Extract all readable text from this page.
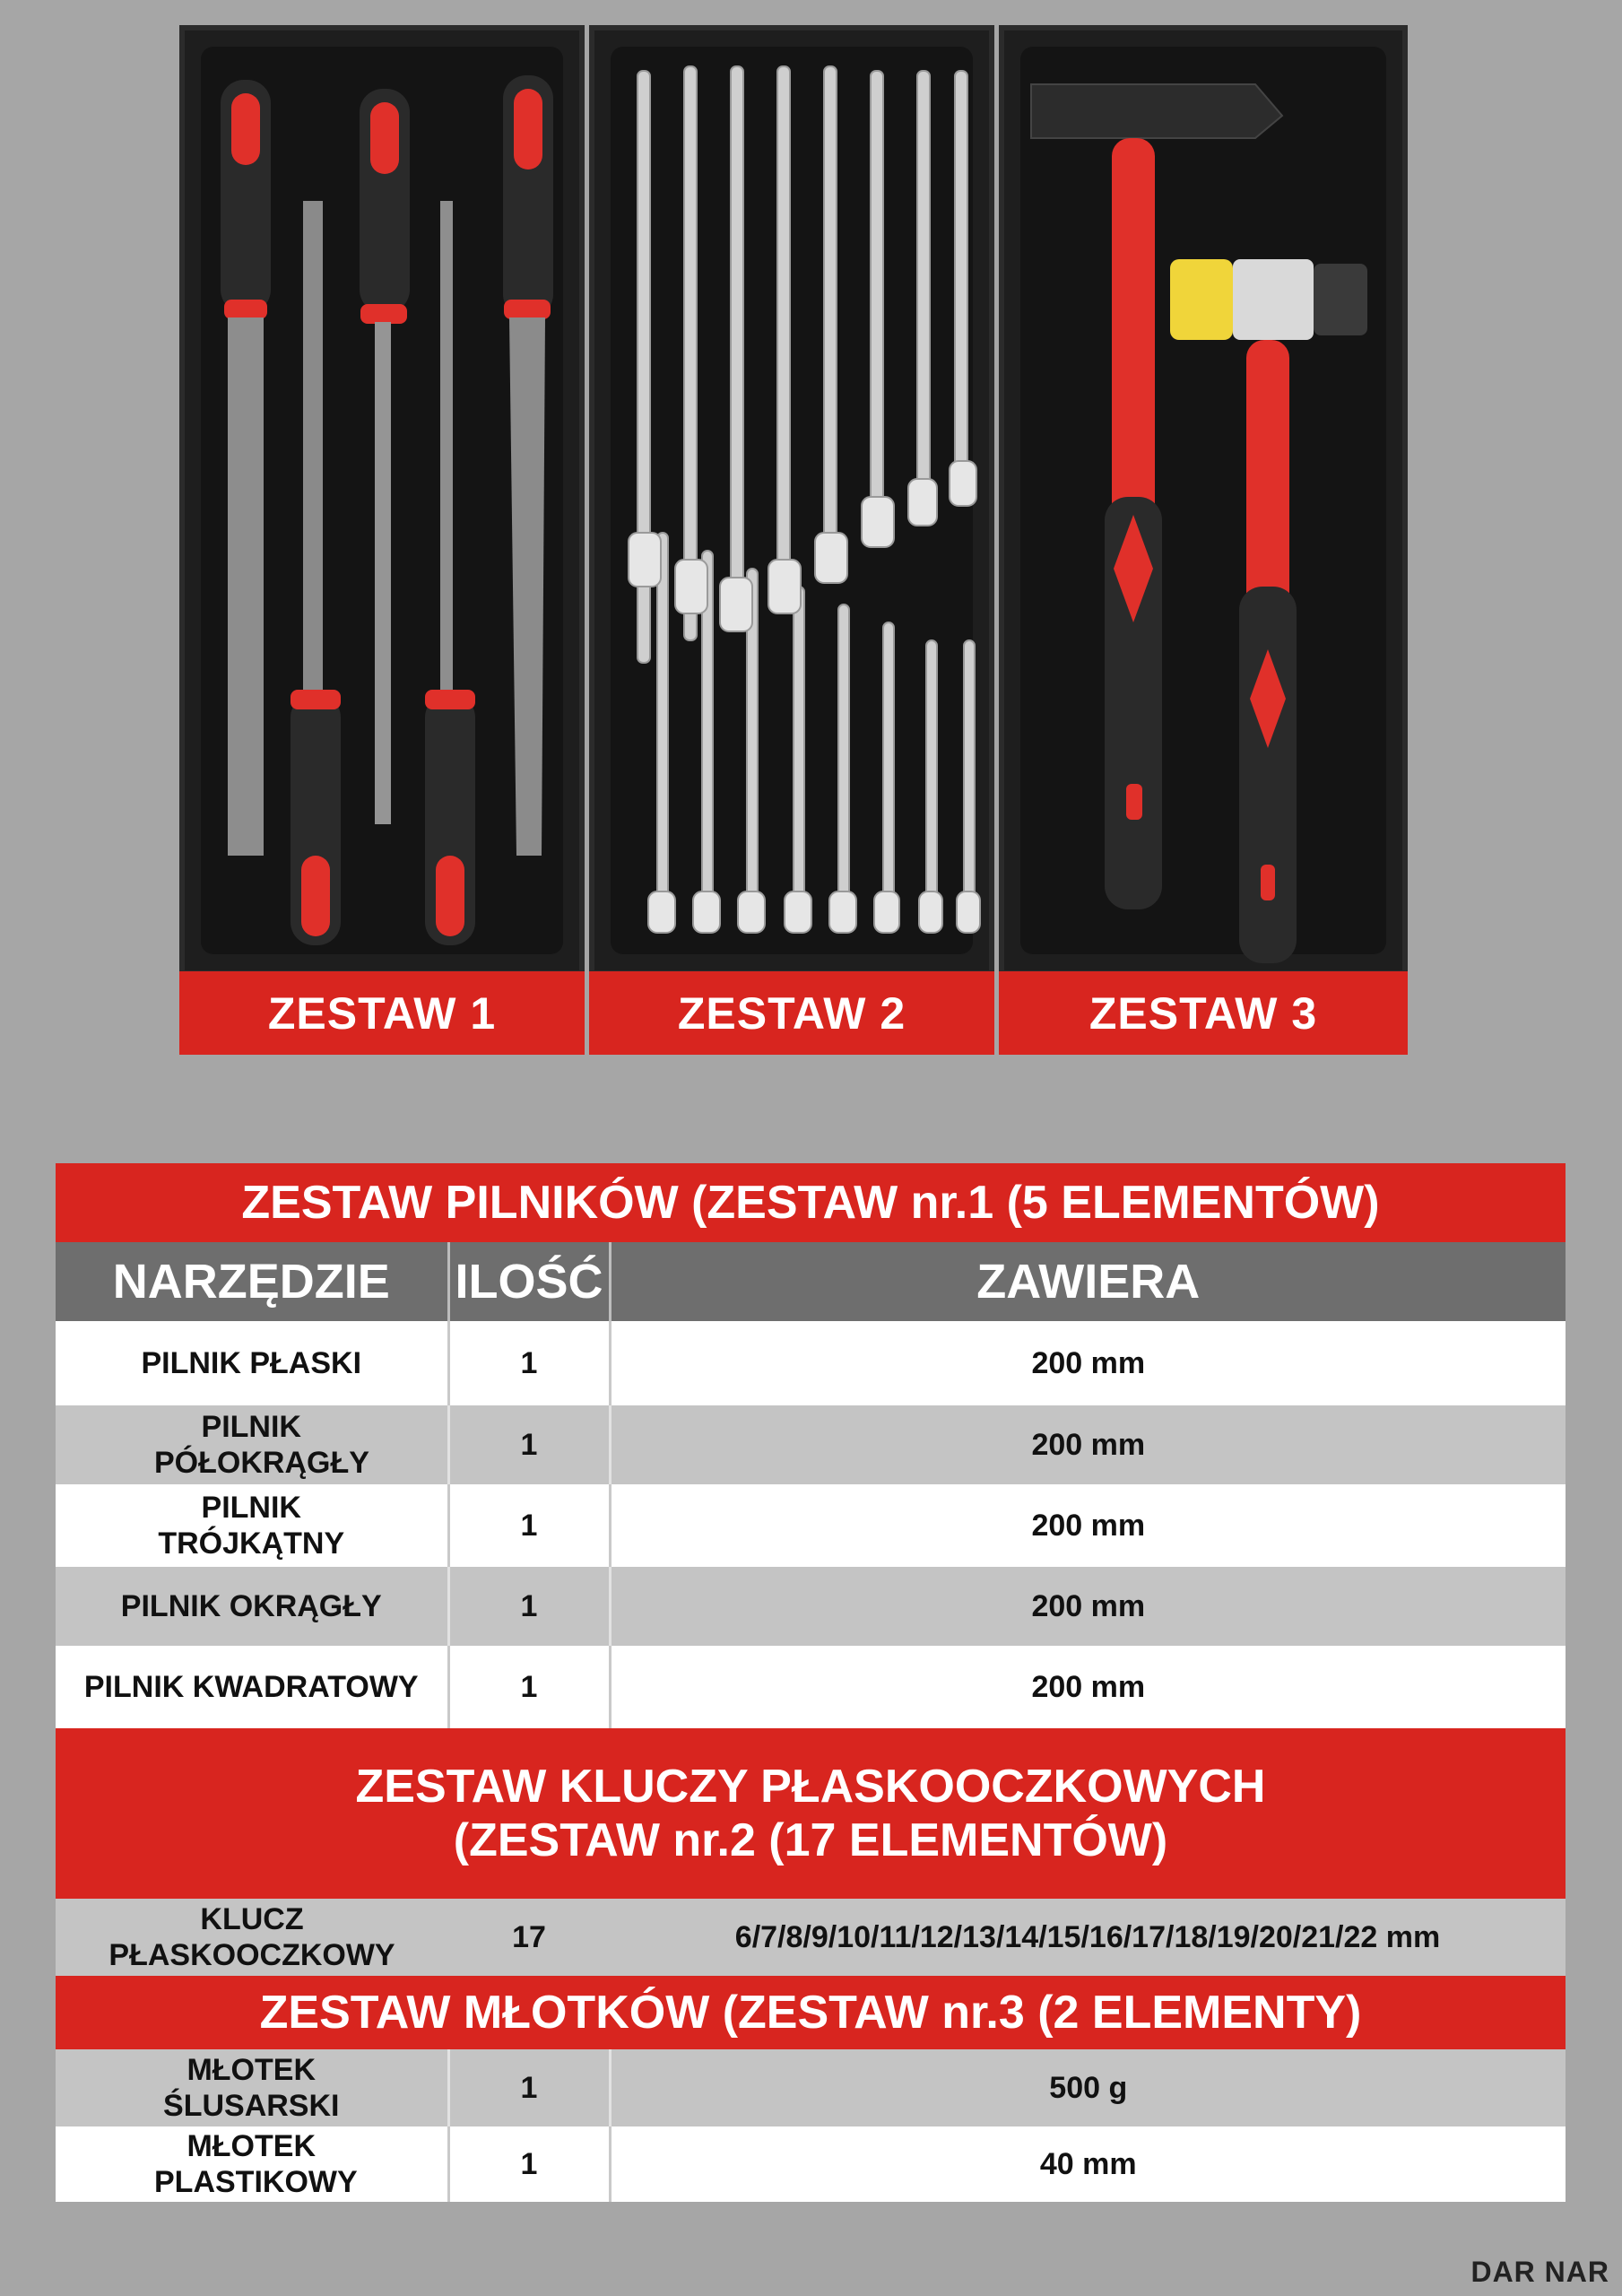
ZESTAW 1	ZESTAW 2	ZESTAW 3
ZESTAW PILNIKÓW (ZESTAW nr.1 (5 ELEMENTÓW)		
NARZĘDZIE	ILOŚĆ	ZAWIERA
PILNIK PŁASKI	1	200 mm
PILNIK PÓŁOKRĄGŁY	1	200 mm
PILNIK TRÓJKĄTNY	1	200 mm
PILNIK OKRĄGŁY	1	200 mm
PILNIK KWADRATOWY	1	200 mm

ZESTAW KLUCZY PŁASKOOCZKOWYCH
(ZESTAW nr.2 (17 ELEMENTÓW)		

KLUCZ PŁASKOOCZKOWY	17	6/7/8/9/10/11/12/13/14/15/16/17/18/19/20/21/22 mm
ZESTAW MŁOTKÓW (ZESTAW nr.3 (2 ELEMENTY)		
MŁOTEK ŚLUSARSKI	1	500 g
MŁOTEK PLASTIKOWY	1	40 mm
DAR NAR
